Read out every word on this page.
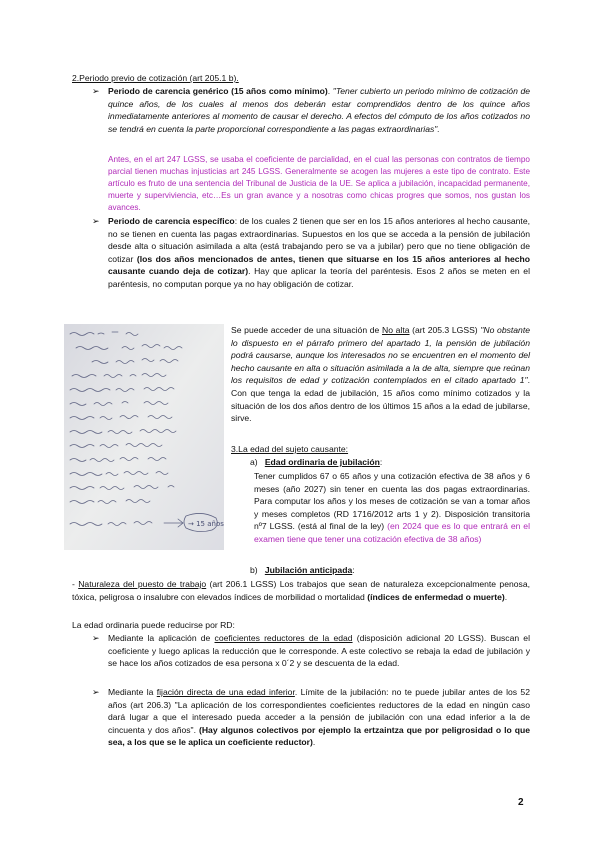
2.Periodo previo de cotización (art 205.1 b).
➢ Periodo de carencia genérico (15 años como mínimo). "Tener cubierto un periodo mínimo de cotización de quince años, de los cuales al menos dos deberán estar comprendidos dentro de los quince años inmediatamente anteriores al momento de causar el derecho. A efectos del cómputo de los años cotizados no se tendrá en cuenta la parte proporcional correspondiente a las pagas extraordinarias".
Antes, en el art 247 LGSS, se usaba el coeficiente de parcialidad, en el cual las personas con contratos de tiempo parcial tienen muchas injusticias art 245 LGSS. Generalmente se acogen las mujeres a este tipo de contrato. Este artículo es fruto de una sentencia del Tribunal de Justicia de la UE. Se aplica a jubilación, incapacidad permanente, muerte y superviviencia, etc…Es un gran avance y a nosotras como chicas progres que somos, nos gustan los avances.
➢ Periodo de carencia específico: de los cuales 2 tienen que ser en los 15 años anteriores al hecho causante, no se tienen en cuenta las pagas extraordinarias. Supuestos en los que se acceda a la pensión de jubilación desde alta o situación asimilada a alta (está trabajando pero se va a jubilar) pero que no tiene obligación de cotizar (los dos años mencionados de antes, tienen que situarse en los 15 años anteriores al hecho causante cuando deja de cotizar). Hay que aplicar la teoría del paréntesis. Esos 2 años se meten en el paréntesis, no computan porque ya no hay obligación de cotizar.
→ 15 años
Se puede acceder de una situación de No alta (art 205.3 LGSS) "No obstante lo dispuesto en el párrafo primero del apartado 1, la pensión de jubilación podrá causarse, aunque los interesados no se encuentren en el momento del hecho causante en alta o situación asimilada a la de alta, siempre que reúnan los requisitos de edad y cotización contemplados en el citado apartado 1". Con que tenga la edad de jubilación, 15 años como mínimo cotizados y la situación de los dos años dentro de los últimos 15 años a la edad de jubilarse, sirve.
3.La edad del sujeto causante:
a) Edad ordinaria de jubilación:
Tener cumplidos 67 o 65 años y una cotización efectiva de 38 años y 6 meses (año 2027) sin tener en cuenta las dos pagas extraordinarias. Para computar los años y los meses de cotización se van a tomar años y meses completos (RD 1716/2012 arts 1 y 2). Disposición transitoria nº7 LGSS. (está al final de la ley) (en 2024 que es lo que entrará en el examen tiene que tener una cotización efectiva de 38 años)
b) Jubilación anticipada:
- Naturaleza del puesto de trabajo (art 206.1 LGSS) Los trabajos que sean de naturaleza excepcionalmente penosa, tóxica, peligrosa o insalubre con elevados índices de morbilidad o mortalidad (índices de enfermedad o muerte).
La edad ordinaria puede reducirse por RD:
➢ Mediante la aplicación de coeficientes reductores de la edad (disposición adicional 20 LGSS). Buscan el coeficiente y luego aplicas la reducción que le corresponde. A este colectivo se rebaja la edad de jubilación y se hace los años cotizados de esa persona x 0´2 y se descuenta de la edad.
➢ Mediante la fijación directa de una edad inferior. Límite de la jubilación: no te puede jubilar antes de los 52 años (art 206.3) "La aplicación de los correspondientes coeficientes reductores de la edad en ningún caso dará lugar a que el interesado pueda acceder a la pensión de jubilación con una edad inferior a la de cincuenta y dos años". (Hay algunos colectivos por ejemplo la ertzaintza que por peligrosidad o lo que sea, a los que se le aplica un coeficiente reductor).
2
